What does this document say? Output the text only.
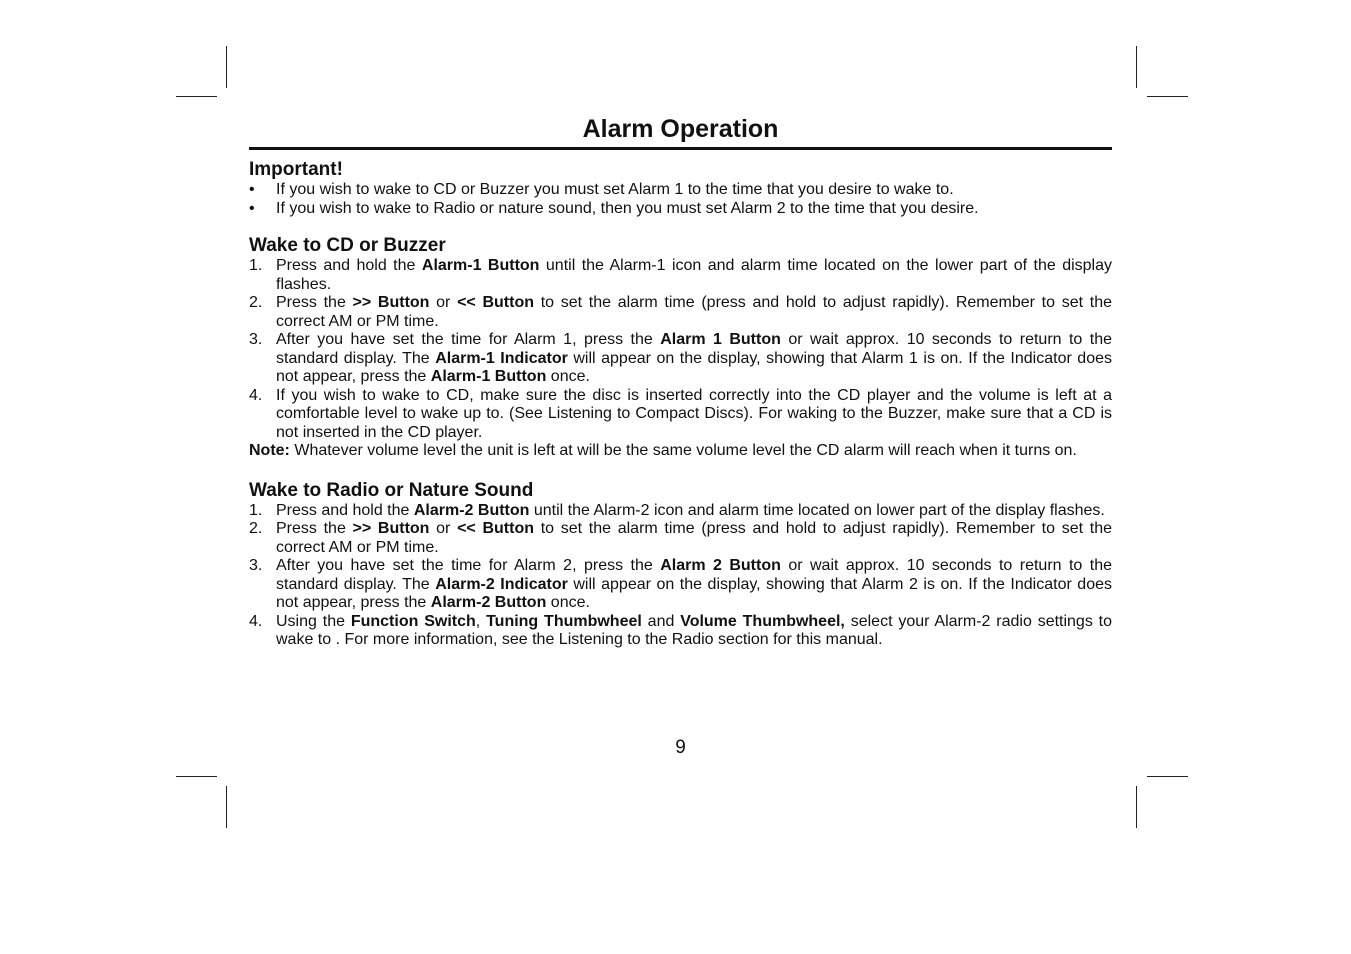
Alarm Operation
Important!
• If you wish to wake to CD or Buzzer you must set Alarm 1 to the time that you desire to wake to.
• If you wish to wake to Radio or nature sound, then you must set Alarm 2 to the time that you desire.
Wake to CD or Buzzer
1. Press and hold the Alarm-1 Button until the Alarm-1 icon and alarm time located on the lower part of the display flashes.
2. Press the >> Button or << Button to set the alarm time (press and hold to adjust rapidly). Remember to set the correct AM or PM time.
3. After you have set the time for Alarm 1, press the Alarm 1 Button or wait approx. 10 seconds to return to the standard display. The Alarm-1 Indicator will appear on the display, showing that Alarm 1 is on. If the Indicator does not appear, press the Alarm-1 Button once.
4. If you wish to wake to CD, make sure the disc is inserted correctly into the CD player and the volume is left at a comfortable level to wake up to. (See Listening to Compact Discs). For waking to the Buzzer, make sure that a CD is not inserted in the CD player.
Note: Whatever volume level the unit is left at will be the same volume level the CD alarm will reach when it turns on.
Wake to Radio or Nature Sound
1. Press and hold the Alarm-2 Button until the Alarm-2 icon and alarm time located on lower part of the display flashes.
2. Press the >> Button or << Button to set the alarm time (press and hold to adjust rapidly). Remember to set the correct AM or PM time.
3. After you have set the time for Alarm 2, press the Alarm 2 Button or wait approx. 10 seconds to return to the standard display. The Alarm-2 Indicator will appear on the display, showing that Alarm 2 is on. If the Indicator does not appear, press the Alarm-2 Button once.
4. Using the Function Switch, Tuning Thumbwheel and Volume Thumbwheel, select your Alarm-2 radio settings to wake to . For more information, see the Listening to the Radio section for this manual.
9
